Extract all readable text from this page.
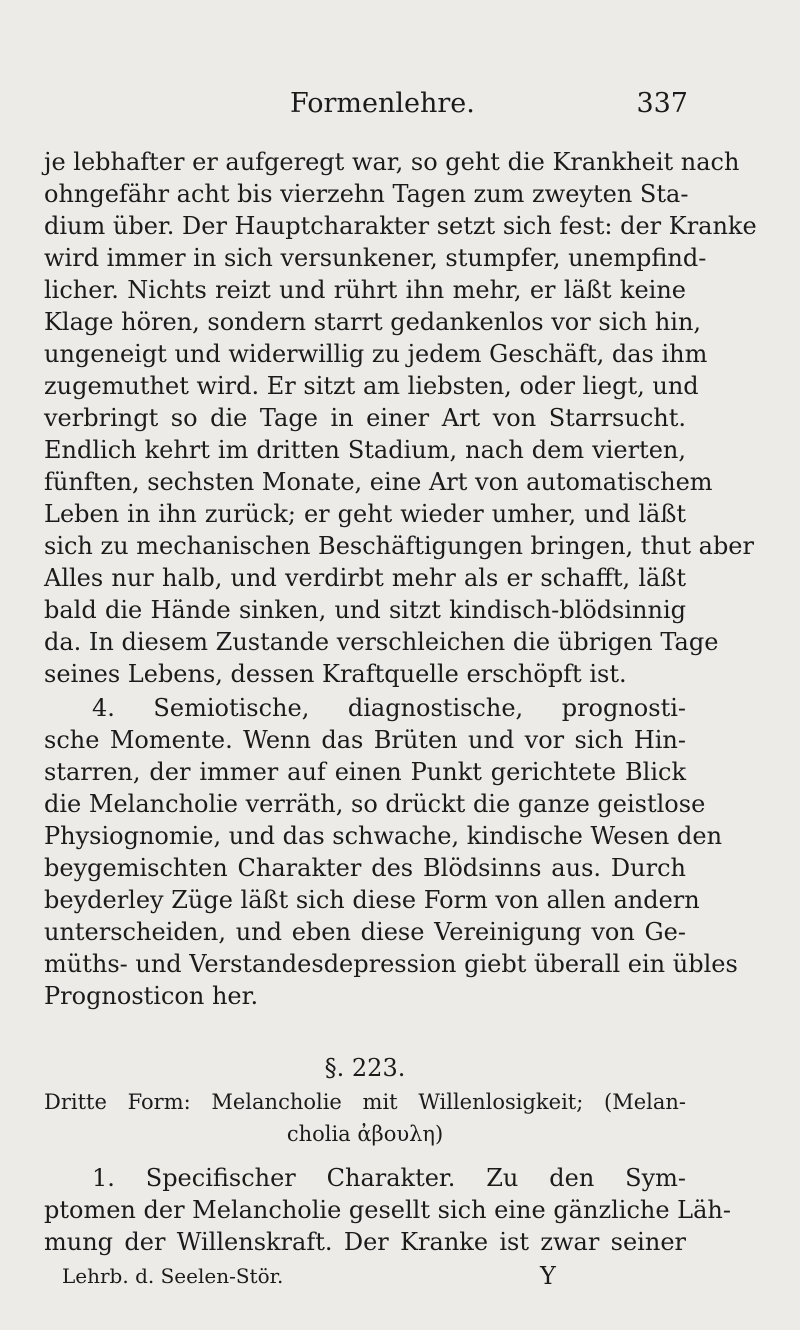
Formenlehre.	337
je lebhafter er aufgeregt war, so geht die Krankheit nach
ohngefähr acht bis vierzehn Tagen zum zweyten Sta-
dium über. Der Hauptcharakter setzt sich fest: der Kranke
wird immer in sich versunkener, stumpfer, unempfind-
licher. Nichts reizt und rührt ihn mehr, er läßt keine
Klage hören, sondern starrt gedankenlos vor sich hin,
ungeneigt und widerwillig zu jedem Geschäft, das ihm
zugemuthet wird. Er sitzt am liebsten, oder liegt, und
verbringt so die Tage in einer Art von Starrsucht.
Endlich kehrt im dritten Stadium, nach dem vierten,
fünften, sechsten Monate, eine Art von automatischem
Leben in ihn zurück; er geht wieder umher, und läßt
sich zu mechanischen Beschäftigungen bringen, thut aber
Alles nur halb, und verdirbt mehr als er schafft, läßt
bald die Hände sinken, und sitzt kindisch-blödsinnig
da. In diesem Zustande verschleichen die übrigen Tage
seines Lebens, dessen Kraftquelle erschöpft ist.
4. Semiotische, diagnostische, prognosti-
sche Momente. Wenn das Brüten und vor sich Hin-
starren, der immer auf einen Punkt gerichtete Blick
die Melancholie verräth, so drückt die ganze geistlose
Physiognomie, und das schwache, kindische Wesen den
beygemischten Charakter des Blödsinns aus. Durch
beyderley Züge läßt sich diese Form von allen andern
unterscheiden, und eben diese Vereinigung von Ge-
müths- und Verstandesdepression giebt überall ein übles
Prognosticon her.
§. 223.
Dritte Form: Melancholie mit Willenlosigkeit; (Melan-
cholia ἀβουλη)
1. Specifischer Charakter. Zu den Sym-
ptomen der Melancholie gesellt sich eine gänzliche Läh-
mung der Willenskraft. Der Kranke ist zwar seiner
Lehrb. d. Seelen-Stör.	Y
